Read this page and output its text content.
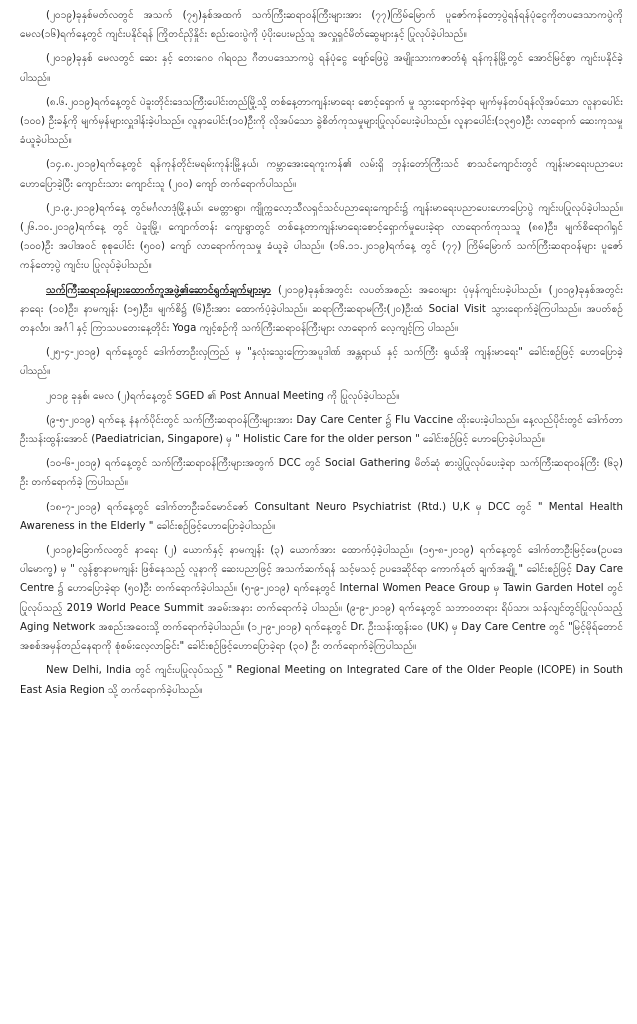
(၂၀၁၉)ခုနှစ်မတ်လတွင် အသက် (၇၅)နှစ်အထက် သက်ကြီးဆရာဝန်ကြီးများအား (၇၇)ကြိမ်မြောက် ပူဇော်ကန်တော့ပွဲရန်ရန်ပုံငွေကိုတပဒေသာကပွဲကို မေလ(၁၆)ရက်နေ့တွင် ကျင်းပနိုင်ရန် ကြိုတင်ညှိနှိုင်း စည်းဝေးပွဲကို ပံ့ပိုးပေးမည့်သူ အလှူရှင်မိတ်ဆွေများနှင့် ပြုလုပ်ခဲ့ပါသည်။

(၂၀၁၉)ခုနှစ် မေလတွင် ဆေး နှင့် တေးဂေဝ ဂါရဝည ဂီတပဒေသာကပွဲ ရန်ပုံငွေ ဖျော်ဖြေပွဲ အမျိုးသားကဇာတ်ရုံ ရန်ကုန်မြို့တွင် အောင်မြင်စွာ ကျင်းပနိုင်ခဲ့ပါသည်။

(၈.၆.၂၀၁၉)ရက်နေ့တွင် ပဲခူးတိုင်းဒေသကြီးပေါင်းတည်မြို့သို့ တစ်နေ့တာကျန်းမာရေး စောင့်ရှောက် မှု သွားရောက်ခဲ့ရာ မျက်မှန်တပ်ရန်လိုအပ်သော လူနာပေါင်း (၁၀၀) ဦးခန့်ကို မျက်မှန်များလှူဒါန်းခဲ့ပါသည်။ လူနာပေါင်း(၁၀)ဦးကို လိုအပ်သော ခွဲစိတ်ကုသမှုများပြုလုပ်ပေးခဲ့ပါသည်။ လူနာပေါင်း(၁၃၅၀)ဦး လာရောက် ဆေးကုသမှုခံယူခဲ့ပါသည်။

(၁၄.၈.၂၀၁၉)ရက်နေ့တွင် ရန်ကုန်တိုင်းမရမ်းကုန်းမြို့နယ်၊ ကမ္ဘာအေးရေကူးကန်၏ လမ်းရှိ ဘုန်းတော်ကြီးသင် စာသင်ကျောင်းတွင် ကျန်းမာရေးပညာပေးဟောပြောခဲ့ပြီး ကျောင်းသား ကျောင်းသူ (၂၀၀) ကျော် တက်ရောက်ပါသည်။

(၂၁.၉.၂၀၁၉)ရက်နေ့ တွင်မင်္ဂလာဒုံမြို့နယ်၊ မေတ္တာရွာ၊ ကျိုက္ကလော့သီလရှင်သင်ပညာရေးကျောင်း၌ ကျန်းမာရေးပညာပေးဟောပြောပွဲ ကျင်းပပြုလုပ်ခဲ့ပါသည်။ (၂၆.၁၀.၂၀၁၉)ရက်နေ့ တွင် ပဲခူးမြို့၊ ကျောက်တန်း ကျေးရွာတွင် တစ်နေ့တာကျန်းမာရေးစောင့်ရှောက်မှုပေးခဲ့ရာ လာရောက်ကုသသူ (၈၈)ဦး၊ မျက်စိရောဂါရှင် (၁၀၀)ဦး အပါအဝင် စုစုပေါင်း (၅၀၀) ကျော် လာရောက်ကုသမှု ခံယူခဲ့ ပါသည်။ (၁၆.၁၁.၂၀၁၉)ရက်နေ့ တွင် (၇၇) ကြိမ်မြောက် သက်ကြီးဆရာဝန်များ ပူဇော်ကန်တော့ပွဲ ကျင်းပ ပြုလုပ်ခဲ့ပါသည်။

သက်ကြီးဆရာဝန်များထောက်ကူအဖွဲ့၏ဆောင်ရွက်ချက်များမှာ (၂၀၁၉)ခုနှစ်အတွင်း လပတ်အစည်း အဝေးများ ပုံမှန်ကျင်းပခဲ့ပါသည်။ (၂၀၁၉)ခုနှစ်အတွင်း နာရေး (၁၀)ဦး၊ နာမကျန်း (၁၅)ဦး၊ မျက်စိ၌ (၆)ဦးအား ထောက်ပံ့ခဲ့ပါသည်။ ဆရာကြီးဆရာမကြီး(၂၀)ဦးထံ Social Visit သွားရောက်ခဲ့ကြပါသည်။ အပတ်စဉ် တနင်္လာ၊ အင်္ဂါ နှင့် ကြာသပတေးနေ့တိုင်း Yoga ကျင့်စဉ်ကို သက်ကြီးဆရာဝန်ကြီးများ လာရောက် လေ့ကျင့်ကြ ပါသည်။

(၂၅-၄-၂၀၁၉) ရက်နေ့တွင် ဒေါက်တာဦးလှကြည် မှ "နှလုံးသွေးကြောအပူဒါဏ် အန္တရာယ် နှင့် သက်ကြီး ရွယ်အို ကျန်းမာရေး" ခေါင်းစဉ်ဖြင့် ဟောပြောခဲ့ပါသည်။

၂၀၁၉ ခုနှစ်၊ မေလ (၂)ရက်နေ့တွင် SGED ၏ Post Annual Meeting ကို ပြုလုပ်ခဲ့ပါသည်။

(၉-၅-၂၀၁၉) ရက်နေ့ နံနက်ပိုင်းတွင် သက်ကြီးဆရာဝန်ကြီးများအား Day Care Center ၌ Flu Vaccine ထိုးပေးခဲ့ပါသည်။ နေ့လည်ပိုင်းတွင် ဒေါက်တာဦးသန်းထွန်းအောင် (Paediatrician, Singapore) မှ " Holistic Care for the older person " ခေါင်းစဉ်ဖြင့် ဟောပြောခဲ့ပါသည်။

(၁၀-၆-၂၀၁၉) ရက်နေ့တွင် သက်ကြီးဆရာဝန်ကြီးများအတွက် DCC တွင် Social Gathering မိတ်ဆုံ စားပွဲပြုလုပ်ပေးခဲ့ရာ သက်ကြီးဆရာဝန်ကြီး (၆၃) ဦး တက်ရောက်ခဲ့ ကြပါသည်။

(၁၈-၇-၂၀၁၉) ရက်နေ့တွင် ဒေါက်တာဦးခင်မောင်ဇော် Consultant Neuro Psychiatrist (Rtd.) U,K မှ DCC တွင် " Mental Health Awareness in the Elderly " ခေါင်းစဉ်ဖြင့်ဟောပြောခဲ့ပါသည်။

(၂၀၁၉)ခြောက်လတွင် နာရေး (၂) ယောက်နှင့် နာမကျန်း (၃) ယောက်အား ထောက်ပံ့ခဲ့ပါသည်။ (၁၅-၈-၂၀၁၉) ရက်နေ့တွင် ဒေါက်တာဦးမြင့်ဖေ(ဥပဒေပါမောက္ခ) မှ " လွန်စွာနာမကျန်း ဖြစ်နေသည့် လူနာကို ဆေးပညာဖြင့် အသက်ဆက်ရန် သင့်မသင့် ဥပဒေဆိုင်ရာ ကောက်နုတ် ချက်အချို့ " ခေါင်းစဉ်ဖြင့် Day Care Centre ၌ ဟောပြောခဲ့ရာ (၅၀)ဦး တက်ရောက်ခဲ့ပါသည်။ (၅-၉-၂၀၁၉) ရက်နေ့တွင် Internal Women Peace Group မှ Tawin Garden Hotel တွင်ပြုလုပ်သည့် 2019 World Peace Summit အခမ်းအနား တက်ရောက်ခဲ့ ပါသည်။ (၉-၉-၂၀၁၉) ရက်နေ့တွင် သဘာဝတရား ရိပ်သာ၊ သန်လျင်တွင်ပြုလုပ်သည့် Aging Network အစည်းအဝေးသို့ တက်ရောက်ခဲ့ပါသည်။ (၁၂-၉-၂၀၁၉) ရက်နေ့တွင် Dr. ဦးသန်းထွန်းဝေ (UK) မှ Day Care Centre တွင် "မြင့်မိုရ်တောင်အစစ်အမှန်တည်နေရာကို စုံစမ်းလေ့လာခြင်း" ခေါင်းစဉ်ဖြင့်ဟောပြောခဲ့ရာ (၃၀) ဦး တက်ရောက်ခဲ့ကြပါသည်။

New Delhi, India တွင် ကျင်းပပြုလုပ်သည့် " Regional Meeting on Integrated Care of the Older People (ICOPE) in South East Asia Region သို့ တက်ရောက်ခဲ့ပါသည်။
